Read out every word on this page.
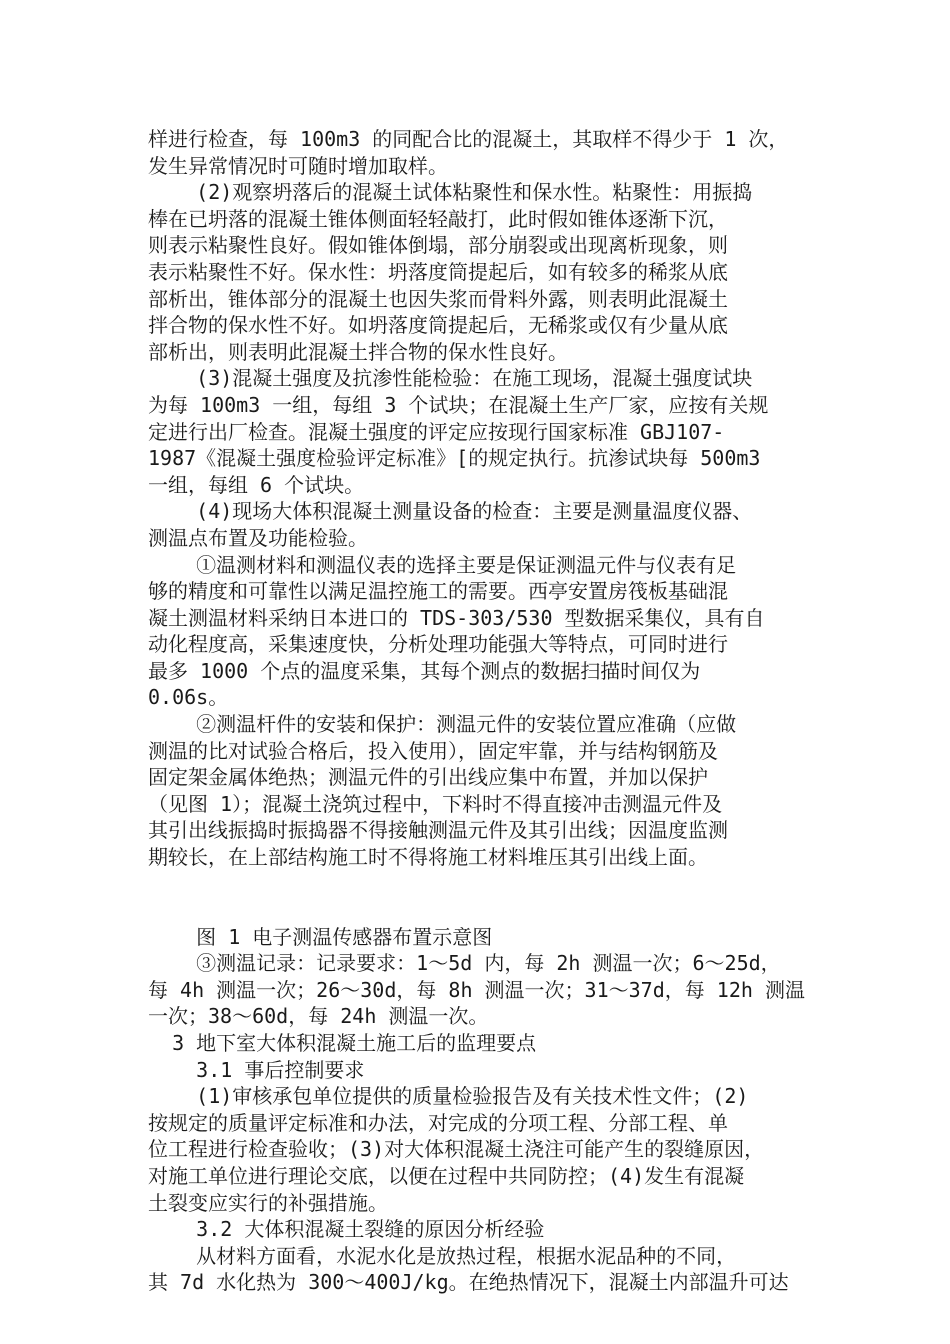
样进行检查，每 100m3 的同配合比的混凝土，其取样不得少于 1 次，
发生异常情况时可随时增加取样。
(2)观察坍落后的混凝土试体粘聚性和保水性。粘聚性：用振捣
棒在已坍落的混凝土锥体侧面轻轻敲打，此时假如锥体逐渐下沉，
则表示粘聚性良好。假如锥体倒塌，部分崩裂或出现离析现象，则
表示粘聚性不好。保水性：坍落度筒提起后，如有较多的稀浆从底
部析出，锥体部分的混凝土也因失浆而骨料外露，则表明此混凝土
拌合物的保水性不好。如坍落度筒提起后，无稀浆或仅有少量从底
部析出，则表明此混凝土拌合物的保水性良好。
(3)混凝土强度及抗渗性能检验：在施工现场，混凝土强度试块
为每 100m3 一组，每组 3 个试块；在混凝土生产厂家，应按有关规
定进行出厂检查。混凝土强度的评定应按现行国家标准 GBJ107-
1987《混凝土强度检验评定标准》[的规定执行。抗渗试块每 500m3
一组，每组 6 个试块。
(4)现场大体积混凝土测量设备的检查：主要是测量温度仪器、
测温点布置及功能检验。
①温测材料和测温仪表的选择主要是保证测温元件与仪表有足
够的精度和可靠性以满足温控施工的需要。西亭安置房筏板基础混
凝土测温材料采纳日本进口的 TDS-303/530 型数据采集仪，具有自
动化程度高，采集速度快，分析处理功能强大等特点，可同时进行
最多 1000 个点的温度采集，其每个测点的数据扫描时间仅为
0.06s。
②测温杆件的安装和保护：测温元件的安装位置应准确（应做
测温的比对试验合格后，投入使用），固定牢靠，并与结构钢筋及
固定架金属体绝热；测温元件的引出线应集中布置，并加以保护
（见图 1）；混凝土浇筑过程中，下料时不得直接冲击测温元件及
其引出线振捣时振捣器不得接触测温元件及其引出线；因温度监测
期较长，在上部结构施工时不得将施工材料堆压其引出线上面。
图 1 电子测温传感器布置示意图
③测温记录：记录要求：1～5d 内，每 2h 测温一次；6～25d，
每 4h 测温一次；26～30d，每 8h 测温一次；31～37d，每 12h 测温
一次；38～60d，每 24h 测温一次。
3 地下室大体积混凝土施工后的监理要点
3.1 事后控制要求
(1)审核承包单位提供的质量检验报告及有关技术性文件；(2)
按规定的质量评定标准和办法，对完成的分项工程、分部工程、单
位工程进行检查验收；(3)对大体积混凝土浇注可能产生的裂缝原因，
对施工单位进行理论交底，以便在过程中共同防控；(4)发生有混凝
土裂变应实行的补强措施。
3.2 大体积混凝土裂缝的原因分析经验
从材料方面看，水泥水化是放热过程，根据水泥品种的不同，
其 7d 水化热为 300～400J/kg。在绝热情况下，混凝土内部温升可达
